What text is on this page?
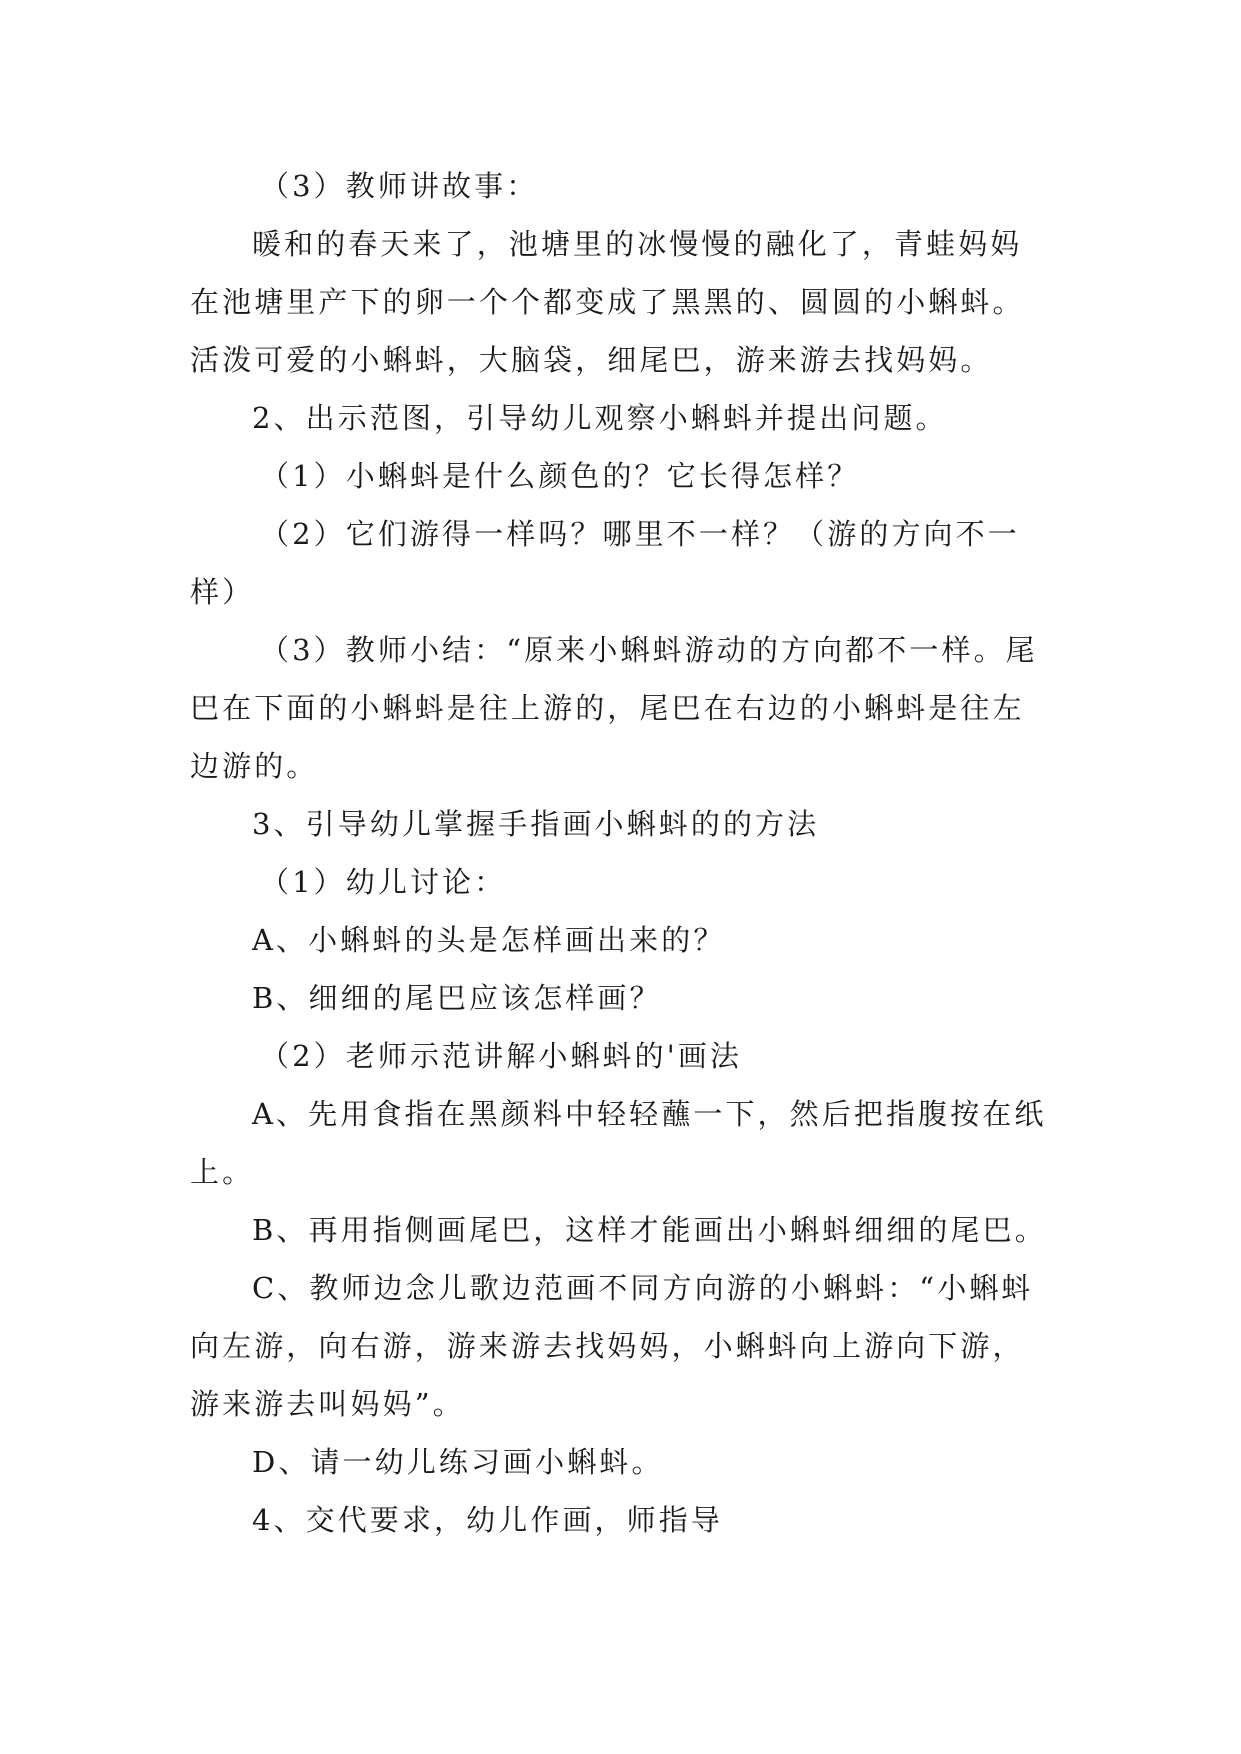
（3）教师讲故事：

暖和的春天来了，池塘里的冰慢慢的融化了，青蛙妈妈在池塘里产下的卵一个个都变成了黑黑的、圆圆的小蝌蚪。活泼可爱的小蝌蚪，大脑袋，细尾巴，游来游去找妈妈。

2、出示范图，引导幼儿观察小蝌蚪并提出问题。

（1）小蝌蚪是什么颜色的？它长得怎样？

（2）它们游得一样吗？哪里不一样？（游的方向不一样）

（3）教师小结：“原来小蝌蚪游动的方向都不一样。尾巴在下面的小蝌蚪是往上游的，尾巴在右边的小蝌蚪是往左边游的。

3、引导幼儿掌握手指画小蝌蚪的的方法

（1）幼儿讨论：

A、小蝌蚪的头是怎样画出来的？

B、细细的尾巴应该怎样画？

（2）老师示范讲解小蝌蚪的'画法

A、先用食指在黑颜料中轻轻蘸一下，然后把指腹按在纸上。

B、再用指侧画尾巴，这样才能画出小蝌蚪细细的尾巴。

C、教师边念儿歌边范画不同方向游的小蝌蚪：“小蝌蚪向左游，向右游，游来游去找妈妈，小蝌蚪向上游向下游，游来游去叫妈妈”。

D、请一幼儿练习画小蝌蚪。

4、交代要求，幼儿作画，师指导
